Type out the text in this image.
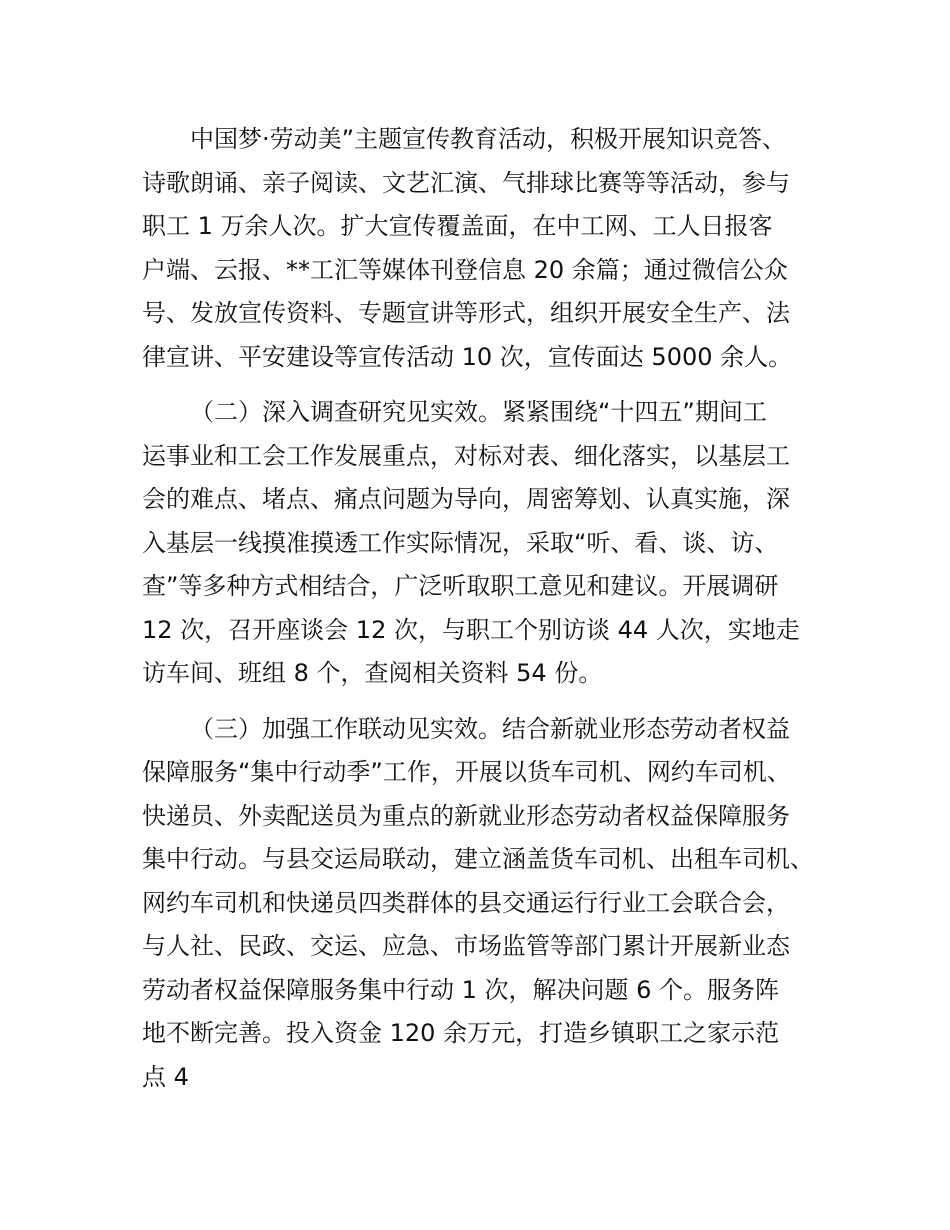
中国梦·劳动美”主题宣传教育活动，积极开展知识竞答、
诗歌朗诵、亲子阅读、文艺汇演、气排球比赛等等活动，参与
职工 1 万余人次。扩大宣传覆盖面，在中工网、工人日报客
户端、云报、**工汇等媒体刊登信息 20 余篇；通过微信公众
号、发放宣传资料、专题宣讲等形式，组织开展安全生产、法
律宣讲、平安建设等宣传活动 10 次，宣传面达 5000 余人。
（二）深入调查研究见实效。紧紧围绕“十四五”期间工
运事业和工会工作发展重点，对标对表、细化落实，以基层工
会的难点、堵点、痛点问题为导向，周密筹划、认真实施，深
入基层一线摸准摸透工作实际情况，采取“听、看、谈、访、
查”等多种方式相结合，广泛听取职工意见和建议。开展调研
12 次，召开座谈会 12 次，与职工个别访谈 44 人次，实地走
访车间、班组 8 个，查阅相关资料 54 份。
（三）加强工作联动见实效。结合新就业形态劳动者权益
保障服务“集中行动季”工作，开展以货车司机、网约车司机、
快递员、外卖配送员为重点的新就业形态劳动者权益保障服务
集中行动。与县交运局联动，建立涵盖货车司机、出租车司机、
网约车司机和快递员四类群体的县交通运行行业工会联合会，
与人社、民政、交运、应急、市场监管等部门累计开展新业态
劳动者权益保障服务集中行动 1 次，解决问题 6 个。服务阵
地不断完善。投入资金 120 余万元，打造乡镇职工之家示范
点 4
